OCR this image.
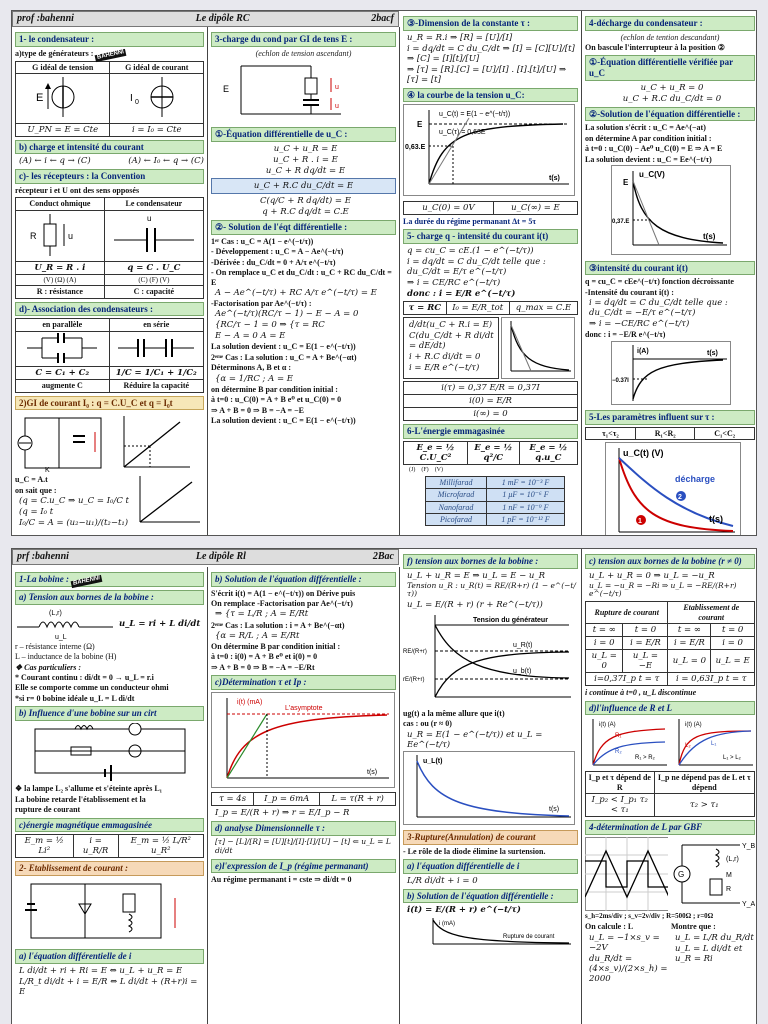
prof :bahenni	Le dipôle RC	2bacf
1- le condensateur :
a)type de générateurs : BAHENNI
G idéal de tension	G idéal de courant

E	I 0

U_PN = E = Cte	i = I₀ = Cte
b) charge et intensité du courant
(A) ← i ← q → (C)	(A) ← I₀ ← q → (C)
c)- les récepteurs : la Convention
récepteur i et U ont des sens opposés
Conduct ohmique	Le condensateur

R u	u

U_R = R . i	q = C . U_C
(V) (Ω) (A)	(C) (F) (V)
R : résistance	C : capacité
d)- Association des condensateurs :
en parallèle	en série

C = C₁ + C₂	1/C = 1/C₁ + 1/C₂
augmente C	Réduire la capacité
2)GI de courant I₀ : q = C.U_C et q = I₀t
K
u_C = A.t
on sait que :
(q = C.u_C ⇒ u_C = I₀/C t
(q = I₀ t
I₀/C = A = (u₂−u₁)/(t₂−t₁)
3-charge du cond par GI de tens E :
(echlon de tension ascendant)
u
u
E
①-Équation différentielle de u_C :
u_C + u_R = E
u_C + R . i = E
u_C + R dq/dt = E
u_C + R.C du_C/dt = E
C(q/C + R dq/dt) = E
q + R.C dq/dt = C.E
②- Solution de l'éqt différentielle :
1ᵉʳ Cas : u_C = A(1 − e^(−t/τ))
- Développement : u_C = A − Ae^(−t/τ)
-Dérivée : du_C/dt = 0 + A/τ e^(−t/τ)
- On remplace u_C et du_C/dt : u_C + RC du_C/dt = E
A − Ae^(−t/τ) + RC A/τ e^(−t/τ) = E
-Factorisation par Ae^(−t/τ) :
Ae^(−t/τ)(RC/τ − 1) − E − A = 0
{RC/τ − 1 = 0 ⇒ {τ = RC
E − A = 0 A = E
La solution devient : u_C = E(1 − e^(−t/τ))
2ᵉᵐᵉ Cas : La solution : u_C = A + Be^(−αt)
Déterminons A, B et α :
{α = 1/RC ; A = E
on détermine B par condition initial :
à t=0 : u_C(0) = A + B e⁰ et u_C(0) = 0
⇒ A + B = 0 ⇒ B = −A = −E
La solution devient : u_C = E(1 − e^(−t/τ))
③-Dimension de la constante τ :
u_R = R.i ⇒ [R] = [U]/[I]
i = dq/dt = C du_C/dt ⇒ [I] = [C][U]/[t] ⇒ [C] = [I][t]/[U]
⇒ [τ] = [R].[C] = [U]/[I] . [I].[t]/[U] ⇒ [τ] = [t]
④ la courbe de la tension u_C:
u_C(t) = E(1 − e^(−t/τ))
u_C(τ) = 0,63E
0,63.E
E
t(s)
u_C(0) = 0V	u_C(∞) = E
La durée du régime permanant Δt = 5τ
5- charge q - intensité du courant i(t)
q = cu_C = cE.(1 − e^(−t/τ))
i = dq/dt = C du_C/dt telle que : du_C/dt = E/τ e^(−t/τ)
⇒ i = CE/RC e^(−t/τ)
donc : i = E/R e^(−t/τ)
τ = RC	I₀ = E/R_tot	q_max = C.E
d/dt(u_C + R.i = E)
C(du_C/dt + R di/dt = dE/dt)
i + R.C di/dt = 0
i = E/R e^(−t/τ)
i(τ) = 0,37 E/R = 0,37I
i(0) = E/R
i(∞) = 0
6-L'énergie emmagasinée
E_e = ½ C.U_C²	E_e = ½ q²/C	E_e = ½ q.u_C
(J) (F) (V)
Millifarad	1 mF = 10⁻³ F
Microfarad	1 μF = 10⁻⁶ F
Nanofarad	1 nF = 10⁻⁹ F
Picofarad	1 pF = 10⁻¹² F
4-décharge du condensateur :
(echlon de tention descandant)
On bascule l'interrupteur à la position ②
①-Équation différentielle vérifiée par u_C
u_C + u_R = 0
u_C + R.C du_C/dt = 0
②-Solution de l'équation différentielle :
La solution s'écrit : u_C = Ae^(−at)
on détermine A par condition initial :
à t=0 : u_C(0) − Ae⁰ u_C(0) = E ⇒ A = E
La solution devient : u_C = Ee^(−t/τ)
u_C(V)
E
0,37.E
t(s)
③intensité du courant i(t)
q = cu_C = cEe^(−t/τ) fonction décroissante
-Intensité du courant i(t) :
i = dq/dt = C du_C/dt telle que : du_C/dt = −E/τ e^(−t/τ)
⇒ i = −CE/RC e^(−t/τ)
donc : i = −E/R e^(−t/τ)
i(A)	t(s)
−0.37I
5-Les paramètres influent sur τ :
τ₁<τ₂	R₁<R₂	C₁<C₂
1
2
u_C(t) (V)
décharge
t(s)
prf :bahenni	Le dipôle Rl	2Bac
1-La bobine : BAHENNI
a) Tension aux bornes de la bobine :
(L,r)
u_L
u_L = ri + L di/dt
r – résistance interne (Ω)
L – inductance de la bobine (H)
❖ Cas particuliers :
* Courant continu : di/dt = 0 → u_L = r.i
Elle se comporte comme un conducteur ohmi
*si r= 0 bobine idéale u_L = L di/dt
b) Influence d'une bobine sur un cirt
❖ la lampe L₂ s'allume et s'éteinte après L₁
La bobine retarde l'établissement et la
rupture de courant
c)énergie magnétique emmagasinée
E_m = ½ Li²	i = u_R/R	E_m = ½ L/R² u_R²
2- Etablissement de courant :
a) l'équation différentielle de i
L di/dt + ri + Ri = E ⇔ u_L + u_R = E
L/R_t di/dt + i = E/R ⇔ L di/dt + (R+r)i = E
b) Solution de l'équation différentielle :
S'écrit i(t) = A(1 − e^(−t/τ)) on Dérive puis
On remplace -Factorisation par Ae^(−t/τ)
⇒ {τ = L/R ; A = E/Rt
2ᵉᵐᵉ Cas : La solution : i = A + Be^(−αt)
{α = R/L ; A = E/Rt
On détermine B par condition initial :
à t=0 : i(0) = A + B e⁰ et i(0) = 0
⇒ A + B = 0 ⇒ B = −A = −E/Rt
c)Détermination τ et Ip :
i(t) (mA)
L'asymptote
t(s)
τ = 4s	I_p = 6mA	L = τ(R + r)
I_p = E/(R + r) ⇒ r = E/I_p − R
d) analyse Dimensionnelle τ :
[τ] − [L]/[R] = [U][t]/[I]·[I]/[U] − [t] ⇐ u_L = L di/dt
e)l'expression de I_p (régime permanant)
Au régime permanant i = cste ⇒ di/dt = 0
f) tension aux bornes de la bobine :
u_L + u_R = E ⇒ u_L = E − u_R
Tension u_R : u_R(t) = RE/(R+r) (1 − e^(−t/τ))
u_L = E/(R + r) (r + Re^(−t/τ))
Tension du générateur
u_R(t)
u_b(t)
RE/(R+r)
rE/(R+r)
ug(t) a la même allure que i(t)
cas : ou (r ≈ 0)
u_R = E(1 − e^(−t/τ)) et u_L = Ee^(−t/τ)
u_L(t)
t(s)
3-Rupture(Annulation) de courant
- Le rôle de la diode élimine la surtension.
a) l'équation différentielle de i
L/R di/dt + i = 0
b) Solution de l'équation différentielle :
i(t) = E/(R + r) e^(−t/τ)
i (mA)
Rupture de courant
c) tension aux bornes de la bobine (r ≠ 0)
u_L + u_R = 0 ⇒ u_L = −u_R
u_L = −u_R = −Ri ⇒ u_L = −RE/(R+r) e^(−t/τ)
Rupture de courant		Etablissement de courant	
t = ∞	t = 0	t = ∞	t = 0
i = 0	i = E/R	i = E/R	i = 0
u_L = 0	u_L = −E	u_L = 0	u_L = E
i=0,37I_p t = τ		i = 0,63I_p t = τ	
i continue à t=0 , u_L discontinue
d)l'influence de R et L
i(t) (A)
R₁
R₂
R₁ > R₂
i(t) (A)
L₂	L₁
L₁ > L₂
I_p et τ dépend de R	I_p ne dépend pas de L et τ dépend
I_p₂ < I_p₁ τ₂ < τ₁	τ₂ > τ₁
4-détermination de L par GBF
G
Y_B
Y_A
(L,r)
M
R
s_h=2ms/div ; s_v=2v/div ; R=500Ω ; r=0Ω
On calcule : L
u_L = −1×s_v = −2V
du_R/dt = (4×s_v)/(2×s_h) = 2000
Montre que :
u_L = L/R du_R/dt
u_L = L di/dt et u_R = Ri
